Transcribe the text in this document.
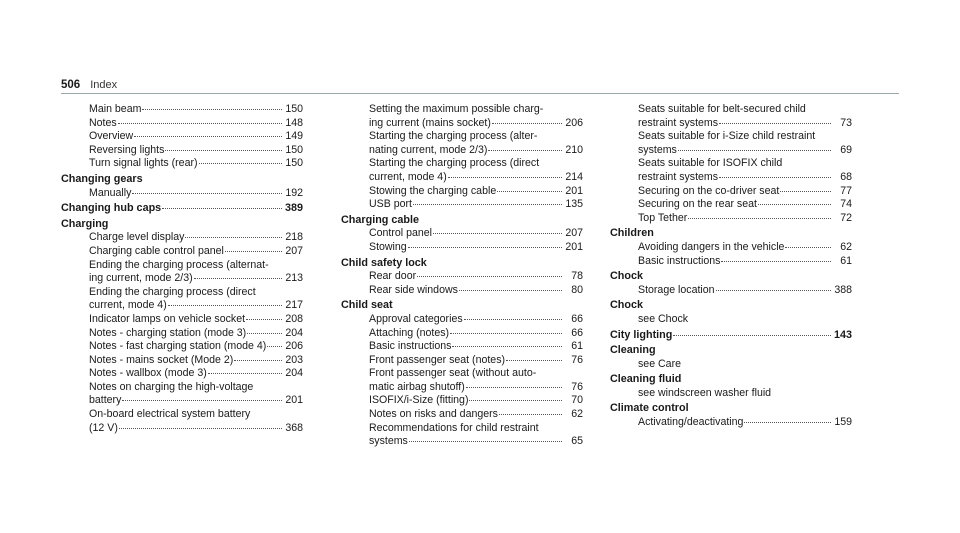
506 Index
Main beam	150
Notes	148
Overview	149
Reversing lights	150
Turn signal lights (rear)	150
Changing gears
Manually	192
Changing hub caps	389
Charging
Charge level display	218
Charging cable control panel	207
Ending the charging process (alternat-
ing current, mode 2/3)	213
Ending the charging process (direct
current, mode 4)	217
Indicator lamps on vehicle socket	208
Notes - charging station (mode 3)	204
Notes - fast charging station (mode 4) 206
Notes - mains socket (Mode 2)	203
Notes - wallbox (mode 3)	204
Notes on charging the high-voltage
battery	201
On-board electrical system battery
(12 V)	368
Setting the maximum possible charg-
ing current (mains socket)	206
Starting the charging process (alter-
nating current, mode 2/3)	210
Starting the charging process (direct
current, mode 4)	214
Stowing the charging cable	201
USB port	135
Charging cable
Control panel	207
Stowing	201
Child safety lock
Rear door	78
Rear side windows	80
Child seat
Approval categories	66
Attaching (notes)	66
Basic instructions	61
Front passenger seat (notes)	76
Front passenger seat (without auto-
matic airbag shutoff)	76
ISOFIX/i-Size (fitting)	70
Notes on risks and dangers	62
Recommendations for child restraint
systems	65
Seats suitable for belt-secured child
restraint systems	73
Seats suitable for i-Size child restraint
systems	69
Seats suitable for ISOFIX child
restraint systems	68
Securing on the co-driver seat	77
Securing on the rear seat	74
Top Tether	72
Children
Avoiding dangers in the vehicle	62
Basic instructions	61
Chock
Storage location	388
Chock
see Chock
City lighting	143
Cleaning
see Care
Cleaning fluid
see windscreen washer fluid
Climate control
Activating/deactivating	159
